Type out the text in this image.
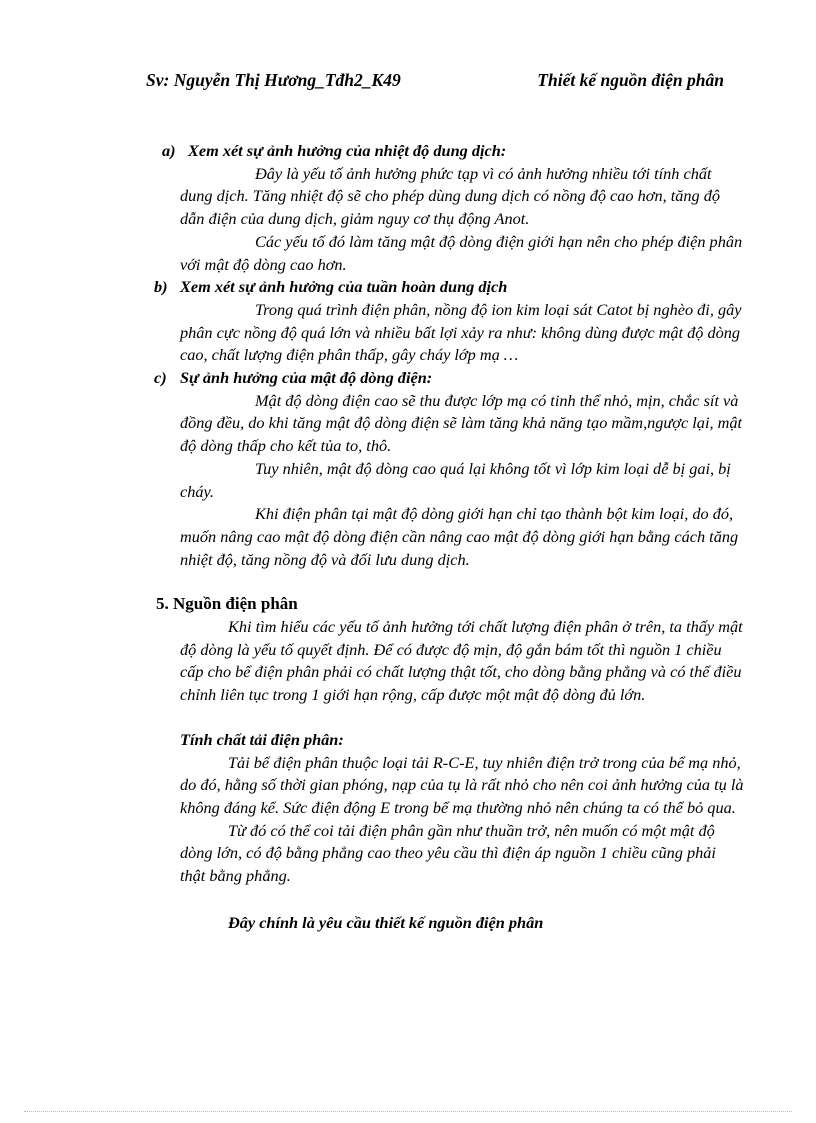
Sv: Nguyễn Thị Hương_Tđh2_K49	Thiết kế nguồn điện phân
a) Xem xét sự ảnh hưởng của nhiệt độ dung dịch:

Đây là yếu tố ảnh hưởng phức tạp vì có ảnh hưởng nhiều tới tính chất dung dịch. Tăng nhiệt độ sẽ cho phép dùng dung dịch có nồng độ cao hơn, tăng độ dẫn điện của dung dịch, giảm nguy cơ thụ động Anot.

Các yếu tố đó làm tăng mật độ dòng điện giới hạn nên cho phép điện phân với mật độ dòng cao hơn.

b) Xem xét sự ảnh hưởng của tuần hoàn dung dịch

Trong quá trình điện phân, nồng độ ion kim loại sát Catot bị nghèo đi, gây phân cực nồng độ quá lớn và nhiều bất lợi xảy ra như: không dùng được mật độ dòng cao, chất lượng điện phân thấp, gây cháy lớp mạ …

c) Sự ảnh hưởng của mật độ dòng điện:

Mật độ dòng điện cao sẽ thu được lớp mạ có tinh thể nhỏ, mịn, chắc sít và đồng đều, do khi tăng mật độ dòng điện sẽ làm tăng khả năng tạo mầm,ngược lại, mật độ dòng thấp cho kết tủa to, thô.

Tuy nhiên, mật độ dòng cao quá lại không tốt vì lớp kim loại dễ bị gai, bị cháy.

Khi điện phân tại mật độ dòng giới hạn chỉ tạo thành bột kim loại, do đó, muốn nâng cao mật độ dòng điện cần nâng cao mật độ dòng giới hạn bằng cách tăng nhiệt độ, tăng nồng độ và đối lưu dung dịch.

5. Nguồn điện phân

Khi tìm hiểu các yếu tố ảnh hưởng tới chất lượng điện phân ở trên, ta thấy mật độ dòng là yếu tố quyết định. Để có được độ mịn, độ gắn bám tốt thì nguồn 1 chiều cấp cho bể điện phân phải có chất lượng thật tốt, cho dòng bằng phẳng và có thể điều chỉnh liên tục trong 1 giới hạn rộng, cấp được một mật độ dòng đủ lớn.

Tính chất tải điện phân:

Tải bể điện phân thuộc loại tải R-C-E, tuy nhiên điện trở trong của bể mạ nhỏ, do đó, hằng số thời gian phóng, nạp của tụ là rất nhỏ cho nên coi ảnh hưởng của tụ là không đáng kể. Sức điện động E trong bể mạ thường nhỏ nên chúng ta có thể bỏ qua.

Từ đó có thể coi tải điện phân gần như thuần trở, nên muốn có một mật độ dòng lớn, có độ bằng phẳng cao theo yêu cầu thì điện áp nguồn 1 chiều cũng phải thật bằng phẳng.

Đây chính là yêu cầu thiết kế nguồn điện phân
